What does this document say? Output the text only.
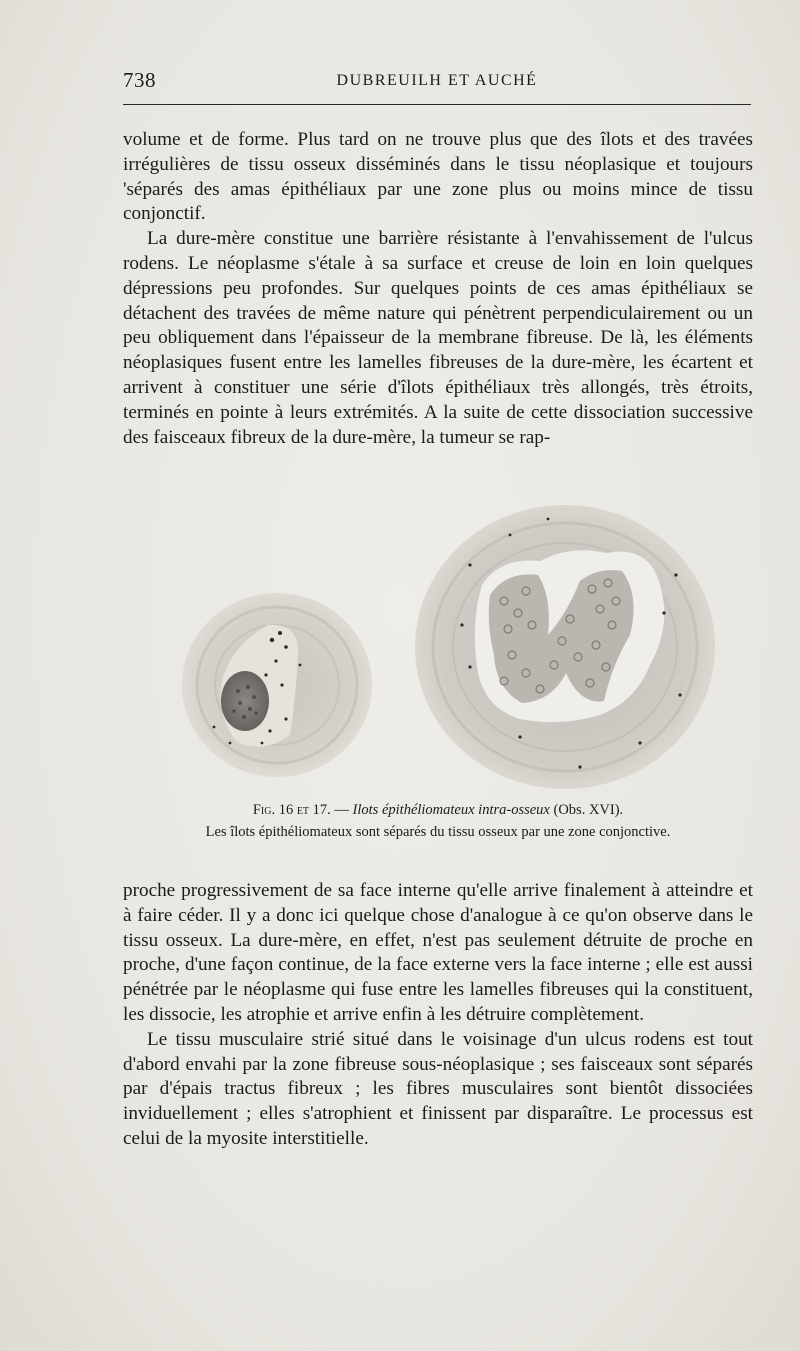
738	DUBREUILH ET AUCHÉ

volume et de forme. Plus tard on ne trouve plus que des îlots et des travées irrégulières de tissu osseux disséminés dans le tissu néoplasique et toujours 'séparés des amas épithéliaux par une zone plus ou moins mince de tissu conjonctif.

La dure-mère constitue une barrière résistante à l'envahissement de l'ulcus rodens. Le néoplasme s'étale à sa surface et creuse de loin en loin quelques dépressions peu profondes. Sur quelques points de ces amas épithéliaux se détachent des travées de même nature qui pénètrent perpendiculairement ou un peu obliquement dans l'épaisseur de la membrane fibreuse. De là, les éléments néoplasiques fusent entre les lamelles fibreuses de la dure-mère, les écartent et arrivent à constituer une série d'îlots épithéliaux très allongés, très étroits, terminés en pointe à leurs extrémités. A la suite de cette dissociation successive des faisceaux fibreux de la dure-mère, la tumeur se rap-

Fig. 16 et 17. — Ilots épithéliomateux intra-osseux (Obs. XVI).
Les îlots épithéliomateux sont séparés du tissu osseux par une zone conjonctive.

proche progressivement de sa face interne qu'elle arrive finalement à atteindre et à faire céder. Il y a donc ici quelque chose d'analogue à ce qu'on observe dans le tissu osseux. La dure-mère, en effet, n'est pas seulement détruite de proche en proche, d'une façon continue, de la face externe vers la face interne ; elle est aussi pénétrée par le néoplasme qui fuse entre les lamelles fibreuses qui la constituent, les dissocie, les atrophie et arrive enfin à les détruire complètement.

Le tissu musculaire strié situé dans le voisinage d'un ulcus rodens est tout d'abord envahi par la zone fibreuse sous-néoplasique ; ses faisceaux sont séparés par d'épais tractus fibreux ; les fibres musculaires sont bientôt dissociées inviduellement ; elles s'atrophient et finissent par disparaître. Le processus est celui de la myosite interstitielle.
